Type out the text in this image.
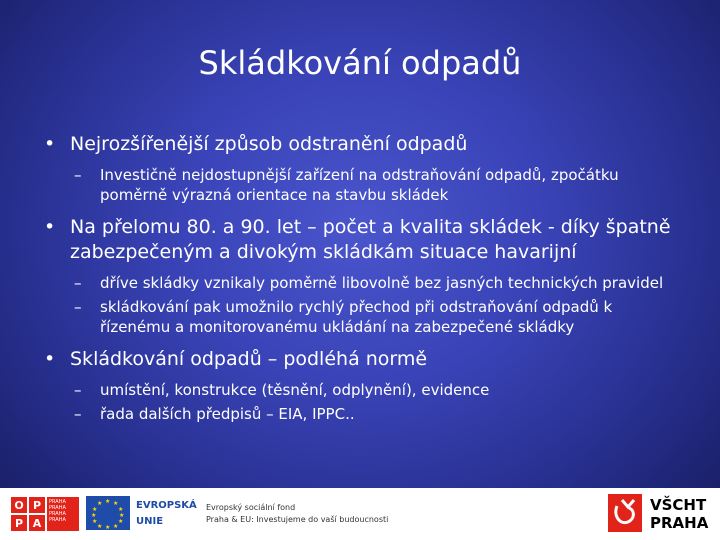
Skládkování odpadů
• Nejrozšířenější způsob odstranění odpadů
– Investičně nejdostupnější zařízení na odstraňování odpadů, zpočátku poměrně výrazná orientace na stavbu skládek
• Na přelomu 80. a 90. let – počet a kvalita skládek - díky špatně zabezpečeným a divokým skládkám situace havarijní
– dříve skládky vznikaly poměrně libovolně bez jasných technických pravidel
– skládkování pak umožnilo rychlý přechod při odstraňování odpadů k řízenému a monitorovanému ukládání na zabezpečené skládky
• Skládkování odpadů – podléhá normě
– umístění, konstrukce (těsnění, odplynění), evidence
– řada dalších předpisů – EIA, IPPC..
O P	PRAHA PRAHA PRAHA PRAHA
P A
★ ★
★
★
★
★
★
★
★
★
★
★	EVROPSKÁ
UNIE
Evropský sociální fond
Praha & EU: Investujeme do vaší budoucnosti
VŠCHT
PRAHA
